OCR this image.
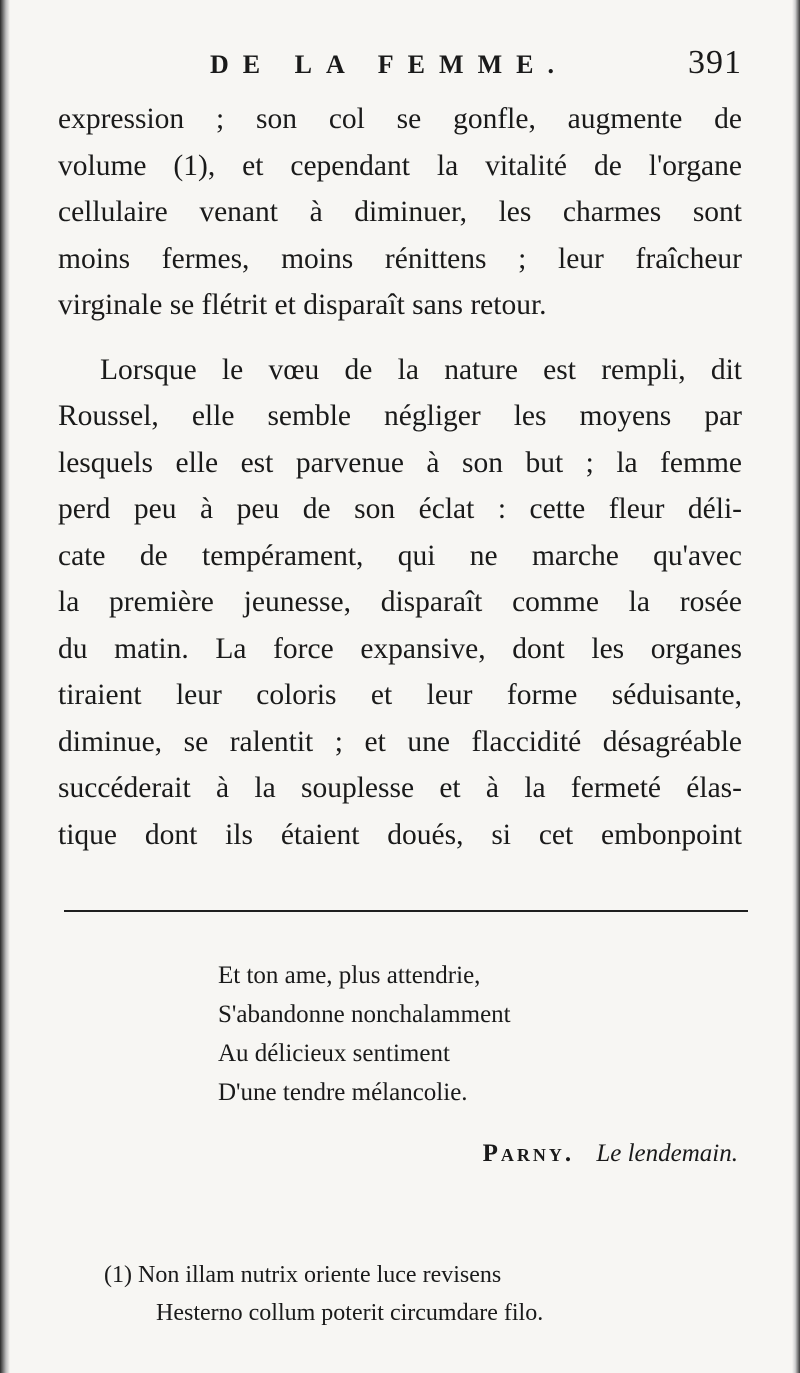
DE LA FEMME.	391
expression ; son col se gonfle, augmente de
volume (1), et cependant la vitalité de l'organe
cellulaire venant à diminuer, les charmes sont
moins fermes, moins rénittens ; leur fraîcheur
virginale se flétrit et disparaît sans retour.
Lorsque le vœu de la nature est rempli, dit
Roussel, elle semble négliger les moyens par
lesquels elle est parvenue à son but ; la femme
perd peu à peu de son éclat : cette fleur déli-
cate de tempérament, qui ne marche qu'avec
la première jeunesse, disparaît comme la rosée
du matin. La force expansive, dont les organes
tiraient leur coloris et leur forme séduisante,
diminue, se ralentit ; et une flaccidité désagréable
succéderait à la souplesse et à la fermeté élas-
tique dont ils étaient doués, si cet embonpoint
Et ton ame, plus attendrie,
S'abandonne nonchalamment
Au délicieux sentiment
D'une tendre mélancolie.
Parny. Le lendemain.
(1) Non illam nutrix oriente luce revisens
Hesterno collum poterit circumdare filo.
